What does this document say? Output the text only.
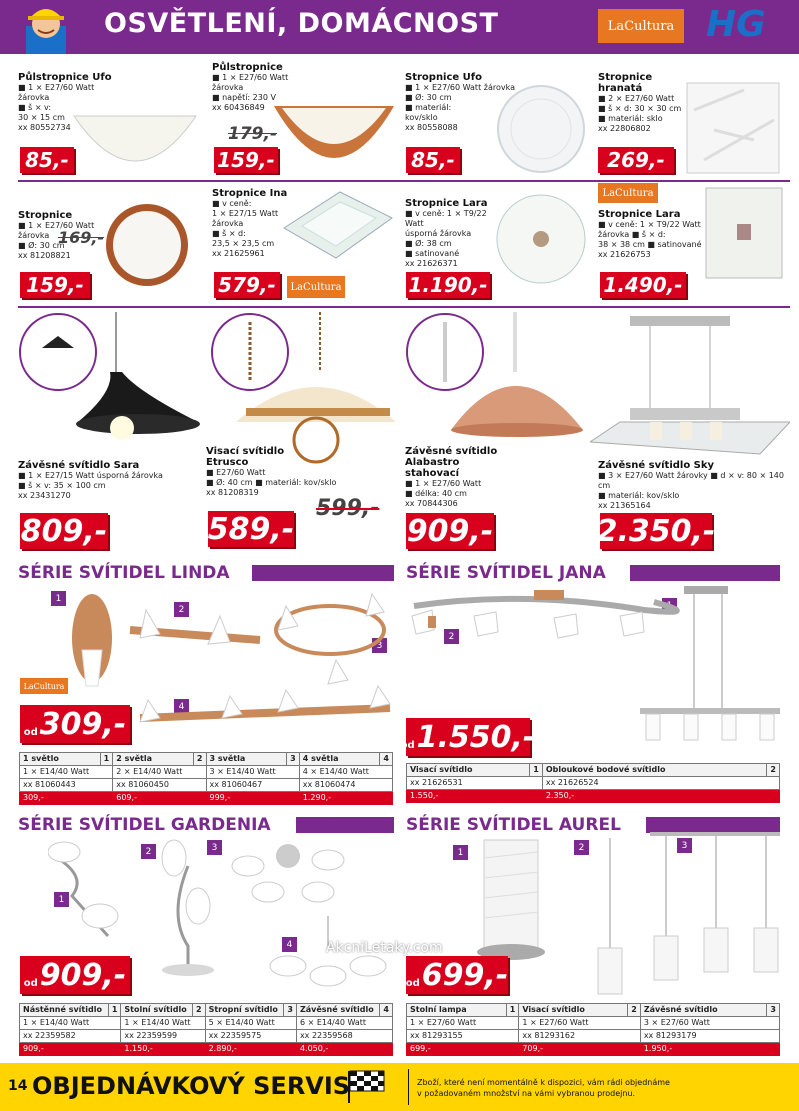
OSVĚTLENÍ, DOMÁCNOST	LaCultura HG
Půlstropnice Ufo
■ 1 × E27/60 Watt
žárovka
■ š × v:
30 × 15 cm
xx 80552734
85,-
Půlstropnice
■ 1 × E27/60 Watt
žárovka
■ napětí: 230 V
xx 60436849
179,-
159,-
Stropnice Ufo
■ 1 × E27/60 Watt žárovka
■ Ø: 30 cm
■ materiál:
kov/sklo
xx 80558088
85,-
Stropnice hranatá
■ 2 × E27/60 Watt
■ š × d: 30 × 30 cm
■ materiál: sklo
xx 22806802
269,-
Stropnice
■ 1 × E27/60 Watt
žárovka
■ Ø: 30 cm
xx 81208821
169,-
159,-
Stropnice Ina
■ v ceně:
1 × E27/15 Watt
žárovka
■ š × d:
23,5 × 23,5 cm
xx 21625961
579,-	LaCultura
Stropnice Lara
■ v ceně: 1 × T9/22 Watt
úsporná žárovka
■ Ø: 38 cm
■ satinované
xx 21626371
1.190,-
LaCultura
Stropnice Lara
■ v ceně: 1 × T9/22 Watt
žárovka ■ š × d:
38 × 38 cm ■ satinované
xx 21626753
1.490,-
Závěsné svítidlo Sara
■ 1 × E27/15 Watt úsporná žárovka
■ š × v: 35 × 100 cm
xx 23431270
809,-
Visací svítidlo Etrusco
■ E27/60 Watt
■ Ø: 40 cm ■ materiál: kov/sklo
xx 81208319
589,-
599,-
Závěsné svítidlo Alabastro stahovací
■ 1 × E27/60 Watt
■ délka: 40 cm
xx 70844306
909,-
Závěsné svítidlo Sky
■ 3 × E27/60 Watt žárovky ■ d × v: 80 × 140 cm
■ materiál: kov/sklo
xx 21365164
2.350,-
SÉRIE SVÍTIDEL LINDA
1
2
3
4
LaCultura
od 309,-
1 světlo	1	2 světla	2	3 světla	3	4 světla	4
1 × E14/40 Watt		2 × E14/40 Watt		3 × E14/40 Watt		4 × E14/40 Watt	
xx 81060443		xx 81060450		xx 81060467		xx 81060474	
309,-		609,-		999,-		1.290,-	
SÉRIE SVÍTIDEL JANA
2
1
od 1.550,-
Visací svítidlo	1	Obloukové bodové svítidlo	2
xx 21626531		xx 21626524	
1.550,-		2.350,-	
SÉRIE SVÍTIDEL GARDENIA
1
2	3
4
od 909,-
Nástěnné svítidlo	1	Stolní svítidlo	2	Stropní svítidlo	3	Závěsné svítidlo	4
1 × E14/40 Watt		1 × E14/40 Watt		5 × E14/40 Watt		6 × E14/40 Watt	
xx 22359582		xx 22359599		xx 22359575		xx 22359568	
909,-		1.150,-		2.890,-		4.050,-	
SÉRIE SVÍTIDEL AUREL
1	2	3
od 699,-
Stolní lampa	1	Visací svítidlo	2	Závěsné svítidlo	3
1 × E27/60 Watt		1 × E27/60 Watt		3 × E27/60 Watt	
xx 81293155		xx 81293162		xx 81293179	
699,-		709,-		1.950,-	
AkcniLetaky.com
14 OBJEDNÁVKOVÝ SERVIS	Zboží, které není momentálně k dispozici, vám rádi objednáme v požadovaném množství na vámi vybranou prodejnu.
